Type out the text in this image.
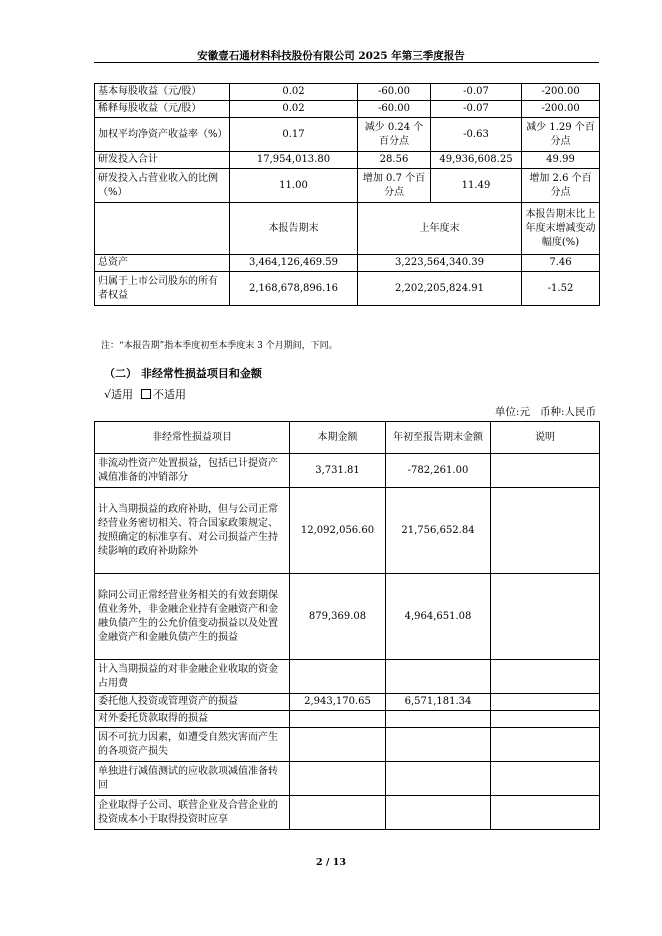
安徽壹石通材料科技股份有限公司 2025 年第三季度报告
基本每股收益（元/股）	0.02	-60.00	-0.07	-200.00
稀释每股收益（元/股）	0.02	-60.00	-0.07	-200.00
加权平均净资产收益率（%）	0.17	减少 0.24 个百分点	-0.63	减少 1.29 个百分点
研发投入合计	17,954,013.80	28.56	49,936,608.25	49.99
研发投入占营业收入的比例（%）	11.00	增加 0.7 个百分点	11.49	增加 2.6 个百分点
	本报告期末	上年度末		本报告期末比上年度末增减变动幅度(%)
总资产	3,464,126,469.59	3,223,564,340.39		7.46
归属于上市公司股东的所有者权益	2,168,678,896.16	2,202,205,824.91		-1.52
注：“本报告期”指本季度初至本季度末 3 个月期间，下同。
（二） 非经常性损益项目和金额
√适用 不适用
单位:元 币种:人民币
非经常性损益项目	本期金额	年初至报告期末金额	说明
非流动性资产处置损益，包括已计提资产减值准备的冲销部分	3,731.81	-782,261.00	
计入当期损益的政府补助，但与公司正常经营业务密切相关、符合国家政策规定、按照确定的标准享有、对公司损益产生持续影响的政府补助除外	12,092,056.60	21,756,652.84	
除同公司正常经营业务相关的有效套期保值业务外，非金融企业持有金融资产和金融负债产生的公允价值变动损益以及处置金融资产和金融负债产生的损益	879,369.08	4,964,651.08	
计入当期损益的对非金融企业收取的资金占用费			
委托他人投资或管理资产的损益	2,943,170.65	6,571,181.34	
对外委托贷款取得的损益			
因不可抗力因素，如遭受自然灾害而产生的各项资产损失			
单独进行减值测试的应收款项减值准备转回			
企业取得子公司、联营企业及合营企业的投资成本小于取得投资时应享			
2 / 13
